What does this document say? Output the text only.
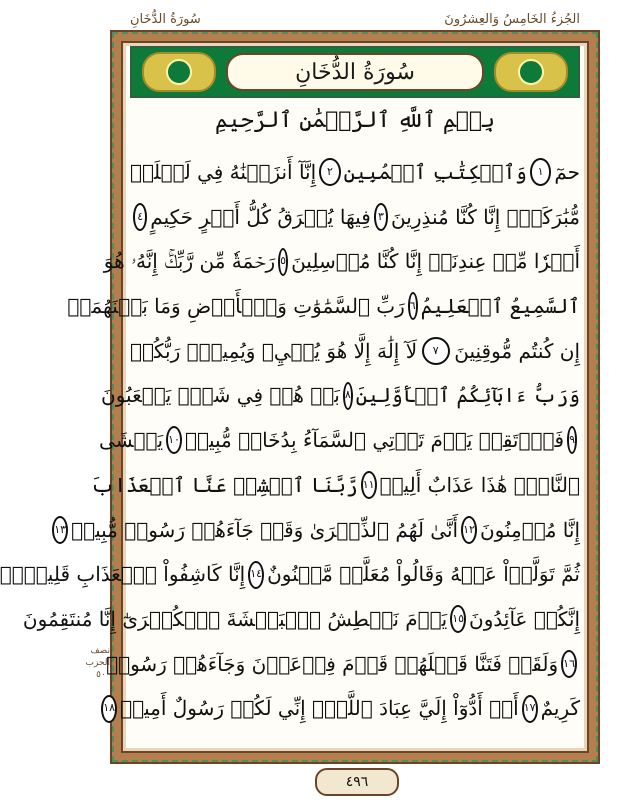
الجُزءُ الخَامِسُ وَالعِشرُونَ
سُورَةُ الدُّخَانِ
سُورَةُ الدُّخَانِ
بِسۡمِ ٱللَّهِ ٱلرَّحۡمَٰنِ ٱلرَّحِيمِ
حمٓ
١
وَٱلۡكِتَٰبِ ٱلۡمُبِينِ
٢
إِنَّآ أَنزَلۡنَٰهُ فِي لَيۡلَةٖ
مُّبَٰرَكَةٍۚ إِنَّا كُنَّا مُنذِرِينَ
٣
فِيهَا يُفۡرَقُ كُلُّ أَمۡرٍ حَكِيمٍ
٤
أَمۡرٗا مِّنۡ عِندِنَآۚ إِنَّا كُنَّا مُرۡسِلِينَ
٥
رَحۡمَةٗ مِّن رَّبِّكَۚ إِنَّهُۥ هُوَ
ٱلسَّمِيعُ ٱلۡعَلِيمُ
٦
رَبِّ ٱلسَّمَٰوَٰتِ وَٱلۡأَرۡضِ وَمَا بَيۡنَهُمَآۖ
إِن كُنتُم مُّوقِنِينَ
٧
لَآ إِلَٰهَ إِلَّا هُوَ يُحۡيِۦ وَيُمِيتُۖ رَبُّكُمۡ
وَرَبُّ ءَابَآئِكُمُ ٱلۡأَوَّلِينَ
٨
بَلۡ هُمۡ فِي شَكّٖ يَلۡعَبُونَ
٩
فَٱرۡتَقِبۡ يَوۡمَ تَأۡتِي ٱلسَّمَآءُ بِدُخَانٖ مُّبِينٖ
١٠
يَغۡشَى
ٱلنَّاسَۖ هَٰذَا عَذَابٌ أَلِيمٞ
١١
رَّبَّنَا ٱكۡشِفۡ عَنَّا ٱلۡعَذَابَ
إِنَّا مُؤۡمِنُونَ
١٢
أَنَّىٰ لَهُمُ ٱلذِّكۡرَىٰ وَقَدۡ جَآءَهُمۡ رَسُولٞ مُّبِينٞ
١٣
ثُمَّ تَوَلَّوۡاْ عَنۡهُ وَقَالُواْ مُعَلَّمٞ مَّجۡنُونٌ
١٤
إِنَّا كَاشِفُواْ ٱلۡعَذَابِ قَلِيلًاۚ
إِنَّكُمۡ عَآئِدُونَ
١٥
يَوۡمَ نَبۡطِشُ ٱلۡبَطۡشَةَ ٱلۡكُبۡرَىٰٓ إِنَّا مُنتَقِمُونَ
١٦
وَلَقَدۡ فَتَنَّا قَبۡلَهُمۡ قَوۡمَ فِرۡعَوۡنَ وَجَآءَهُمۡ رَسُولٞ
كَرِيمٌ
١٧
أَنۡ أَدُّوٓاْ إِلَيَّ عِبَادَ ٱللَّهِۖ إِنِّي لَكُمۡ رَسُولٌ أَمِينٞ
١٨
نصف
الحزب
٥٠
٤٩٦
